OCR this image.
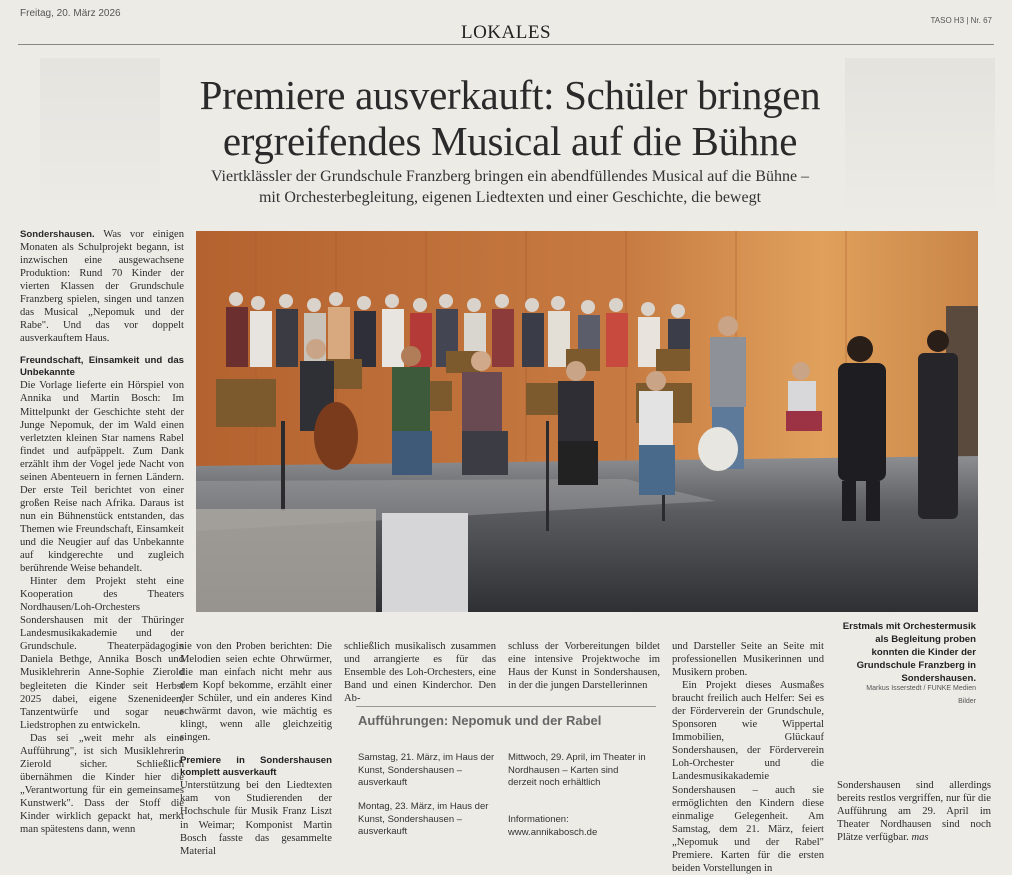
Freitag, 20. März 2026
LOKALES
TASO H3 | Nr. 67
Premiere ausverkauft: Schüler bringen
ergreifendes Musical auf die Bühne
Viertklässler der Grundschule Franzberg bringen ein abendfüllendes Musical auf die Bühne –
mit Orchesterbegleitung, eigenen Liedtexten und einer Geschichte, die bewegt
Sondershausen. Was vor einigen Monaten als Schulprojekt begann, ist inzwischen eine ausgewachsene Produktion: Rund 70 Kinder der vierten Klassen der Grundschule Franzberg spielen, singen und tanzen das Musical „Nepomuk und der Rabe". Und das vor doppelt ausverkauftem Haus.
Freundschaft, Einsamkeit und das Unbekannte
Die Vorlage lieferte ein Hörspiel von Annika und Martin Bosch: Im Mittelpunkt der Geschichte steht der Junge Nepomuk, der im Wald einen verletzten kleinen Star namens Rabel findet und aufpäppelt. Zum Dank erzählt ihm der Vogel jede Nacht von seinen Abenteuern in fernen Ländern. Der erste Teil berichtet von einer großen Reise nach Afrika. Daraus ist nun ein Bühnenstück entstanden, das Themen wie Freundschaft, Einsamkeit und die Neugier auf das Unbekannte auf kindgerechte und zugleich berührende Weise behandelt.
Hinter dem Projekt steht eine Kooperation des Theaters Nordhausen/Loh-Orchesters Sondershausen mit der Thüringer Landesmusikakademie und der Grundschule. Theaterpädagogin Daniela Bethge, Annika Bosch und Musiklehrerin Anne-Sophie Zierold begleiteten die Kinder seit Herbst 2025 dabei, eigene Szenenideen, Tanzentwürfe und sogar neue Liedstrophen zu entwickeln.
Das sei „weit mehr als eine Aufführung", ist sich Musiklehrerin Zierold sicher. Schließlich übernähmen die Kinder hier die „Verantwortung für ein gemeinsames Kunstwerk". Dass der Stoff die Kinder wirklich gepackt hat, merkt man spätestens dann, wenn
Erstmals mit Orchestermusik als Begleitung proben konnten die Kinder der Grundschule Franzberg in Sondershausen.
Markus Isserstedt / FUNKE Medien
Bilder
sie von den Proben berichten: Die Melodien seien echte Ohrwürmer, die man einfach nicht mehr aus dem Kopf bekomme, erzählt einer der Schüler, und ein anderes Kind schwärmt davon, wie mächtig es klingt, wenn alle gleichzeitig singen.
Premiere in Sondershausen komplett ausverkauft
Unterstützung bei den Liedtexten kam von Studierenden der Hochschule für Musik Franz Liszt in Weimar; Komponist Martin Bosch fasste das gesammelte Material
schließlich musikalisch zusammen und arrangierte es für das Ensemble des Loh-Orchesters, eine Band und einen Kinderchor. Den Ab-
schluss der Vorbereitungen bildet eine intensive Projektwoche im Haus der Kunst in Sondershausen, in der die jungen Darstellerinnen
Aufführungen: Nepomuk und der Rabel
Samstag, 21. März, im Haus der Kunst, Sondershausen – ausverkauft
Montag, 23. März, im Haus der Kunst, Sondershausen – ausverkauft
Mittwoch, 29. April, im Theater in Nordhausen – Karten sind derzeit noch erhältlich
Informationen: www.annikabosch.de
und Darsteller Seite an Seite mit professionellen Musikerinnen und Musikern proben.
Ein Projekt dieses Ausmaßes braucht freilich auch Helfer: Sei es der Förderverein der Grundschule, Sponsoren wie Wippertal Immobilien, Glückauf Sondershausen, der Förderverein Loh-Orchester und die Landesmusikakademie Sondershausen – auch sie ermöglichten den Kindern diese einmalige Gelegenheit. Am Samstag, dem 21. März, feiert „Nepomuk und der Rabel" Premiere. Karten für die ersten beiden Vorstellungen in
Sondershausen sind allerdings bereits restlos vergriffen, nur für die Aufführung am 29. April im Theater Nordhausen sind noch Plätze verfügbar. mas
